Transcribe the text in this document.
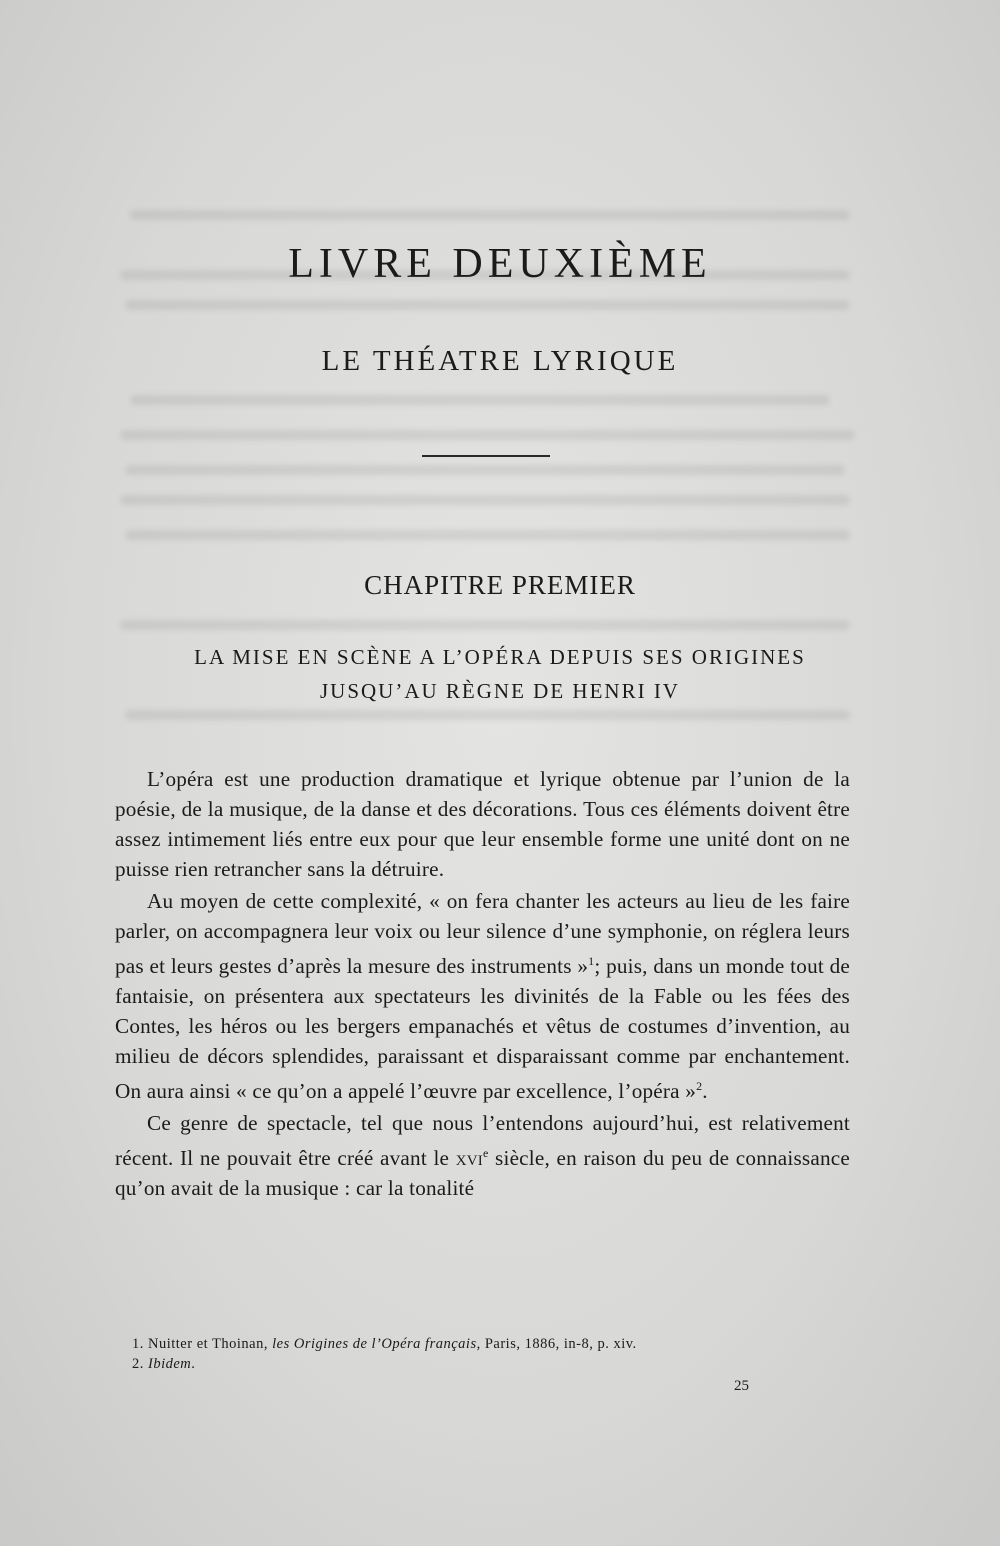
LIVRE DEUXIÈME
LE THÉATRE LYRIQUE
CHAPITRE PREMIER
LA MISE EN SCÈNE A L’OPÉRA DEPUIS SES ORIGINES
JUSQU’AU RÈGNE DE HENRI IV

L’opéra est une production dramatique et lyrique obtenue par l’union de la poésie, de la musique, de la danse et des décorations. Tous ces éléments doivent être assez intimement liés entre eux pour que leur ensemble forme une unité dont on ne puisse rien retrancher sans la détruire.

Au moyen de cette complexité, « on fera chanter les acteurs au lieu de les faire parler, on accompagnera leur voix ou leur silence d’une symphonie, on réglera leurs pas et leurs gestes d’après la mesure des instruments »$^1$; puis, dans un monde tout de fantaisie, on présentera aux spectateurs les divinités de la Fable ou les fées des Contes, les héros ou les bergers empanachés et vêtus de costumes d’invention, au milieu de décors splendides, paraissant et disparaissant comme par enchantement. On aura ainsi « ce qu’on a appelé l’œuvre par excellence, l’opéra »$^2$.

Ce genre de spectacle, tel que nous l’entendons aujourd’hui, est relativement récent. Il ne pouvait être créé avant le xvi$^e$ siècle, en raison du peu de connaissance qu’on avait de la musique : car la tonalité

1. Nuitter et Thoinan, les Origines de l’Opéra français, Paris, 1886, in-8, p. xiv.
2. Ibidem.
25
